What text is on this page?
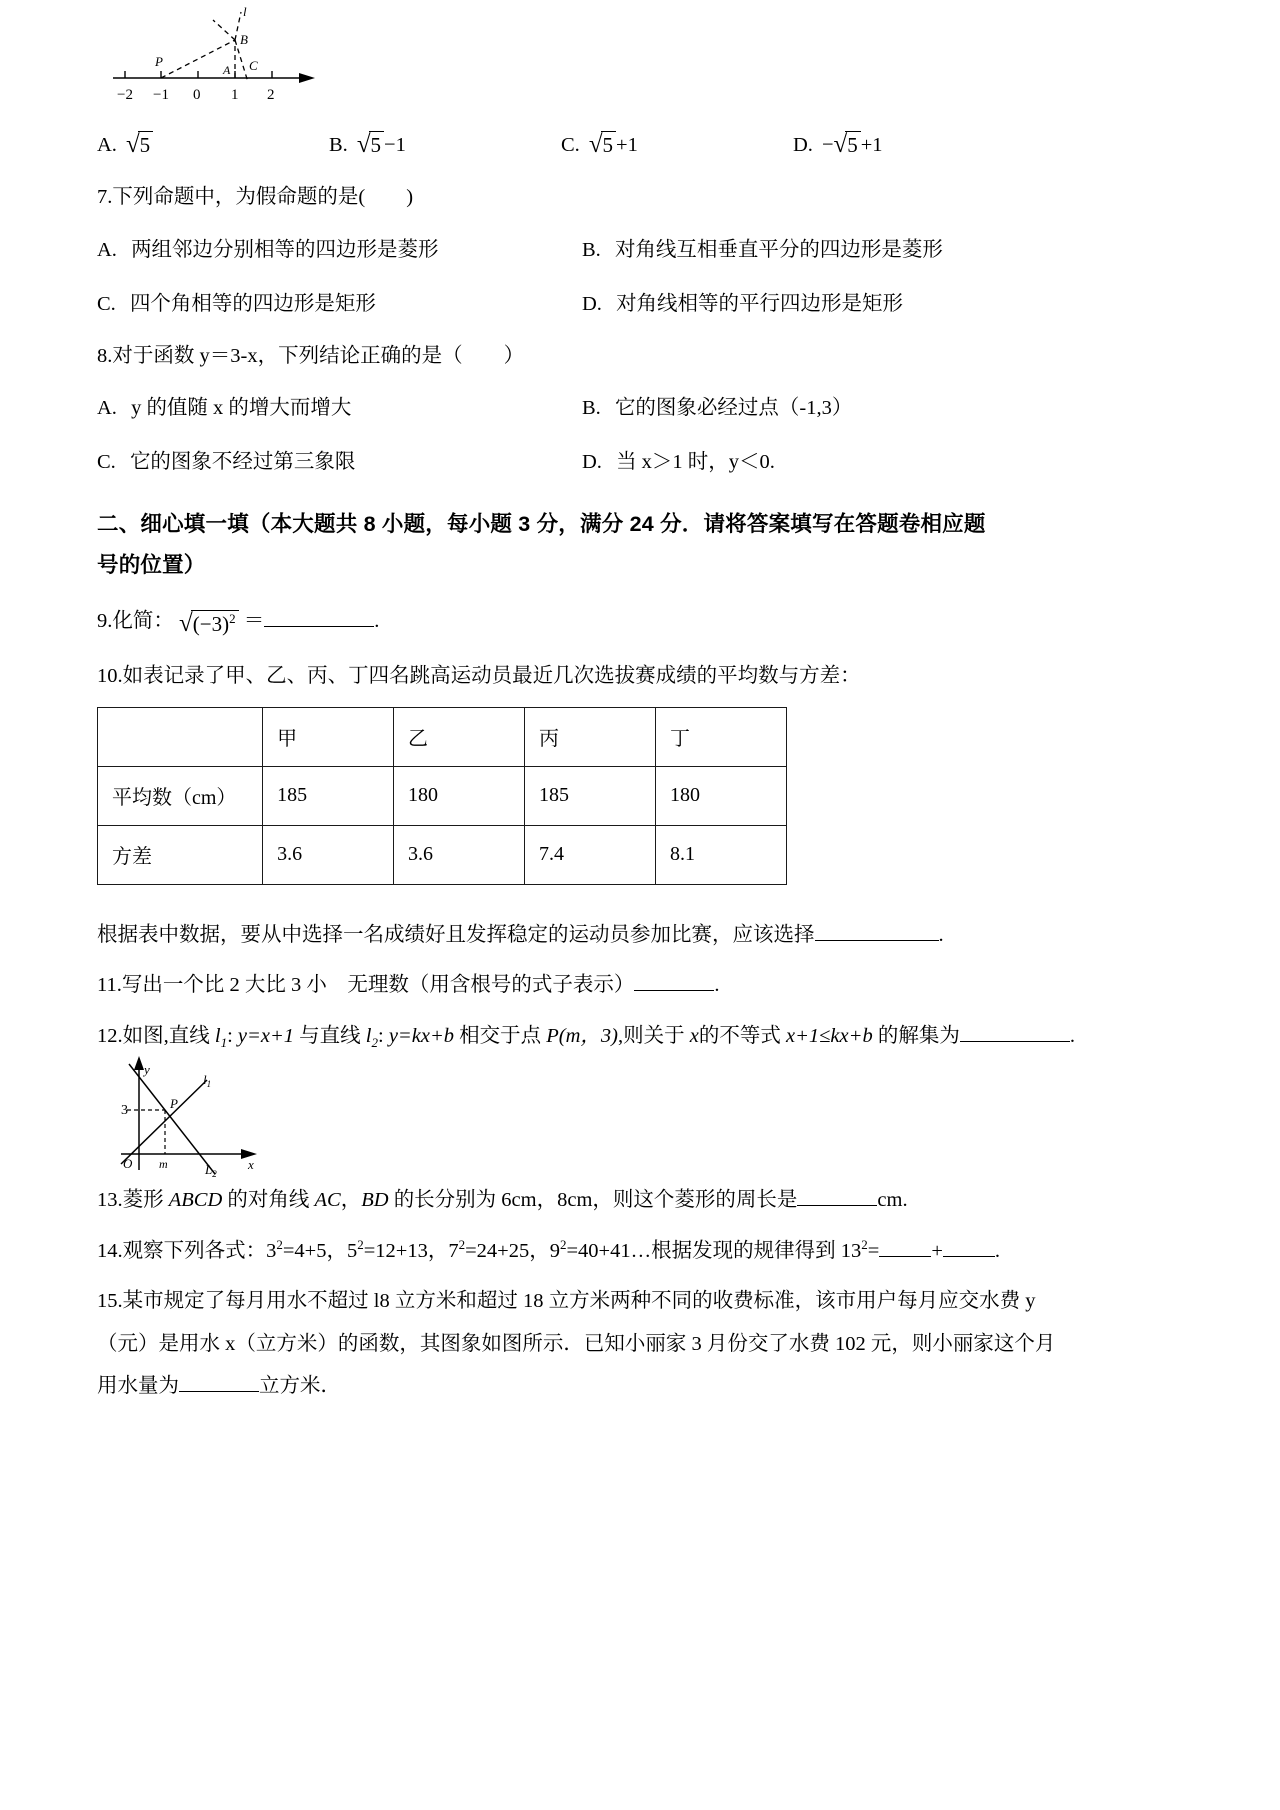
l
B
P
A C
−2 −1 0 1 2
A. √ 5	B. √ 5 −1	C. √ 5 +1	D. − √ 5 +1

7.下列命题中，为假命题的是(　　)

A. 两组邻边分别相等的四边形是菱形	B. 对角线互相垂直平分的四边形是菱形
C. 四个角相等的四边形是矩形	D. 对角线相等的平行四边形是矩形

8.对于函数 y＝3-x，下列结论正确的是（　　）

A. y 的值随 x 的增大而增大	B. 它的图象必经过点（-1,3）
C. 它的图象不经过第三象限	D. 当 x＞1 时，y＜0.
二、细心填一填（本大题共 8 小题，每小题 3 分，满分 24 分．请将答案填写在答题卷相应题
号的位置）

9.化简： √ $(-3)^2$ ＝	.

10.如表记录了甲、乙、丙、丁四名跳高运动员最近几次选拔赛成绩的平均数与方差：

	甲	乙	丙	丁
平均数（cm）	185	180	185	180
方差	3.6	3.6	7.4	8.1

根据表中数据，要从中选择一名成绩好且发挥稳定的运动员参加比赛，应该选择	.

11.写出一个比 2 大比 3 小　无理数（用含根号的式子表示）	.

12.如图,直线 $l_1$: y=x+1 与直线 $l_2$: y=kx+b 相交于点 P(m，3),则关于 x的不等式 x+1≤kx+b 的解集为	.

y
x
O
3	P
m
$l_1$
$L_2$

13.菱形 ABCD 的对角线 AC，BD 的长分别为 6cm，8cm，则这个菱形的周长是	cm.

14.观察下列各式：$3^2=4+5$，$5^2=12+13$，$7^2=24+25$，$9^2=40+41\dots$根据发现的规律得到 $13^2=$	+	.

15.某市规定了每月用水不超过 l8 立方米和超过 18 立方米两种不同的收费标准，该市用户每月应交水费 y

（元）是用水 x（立方米）的函数，其图象如图所示．已知小丽家 3 月份交了水费 102 元，则小丽家这个月

用水量为	立方米．
